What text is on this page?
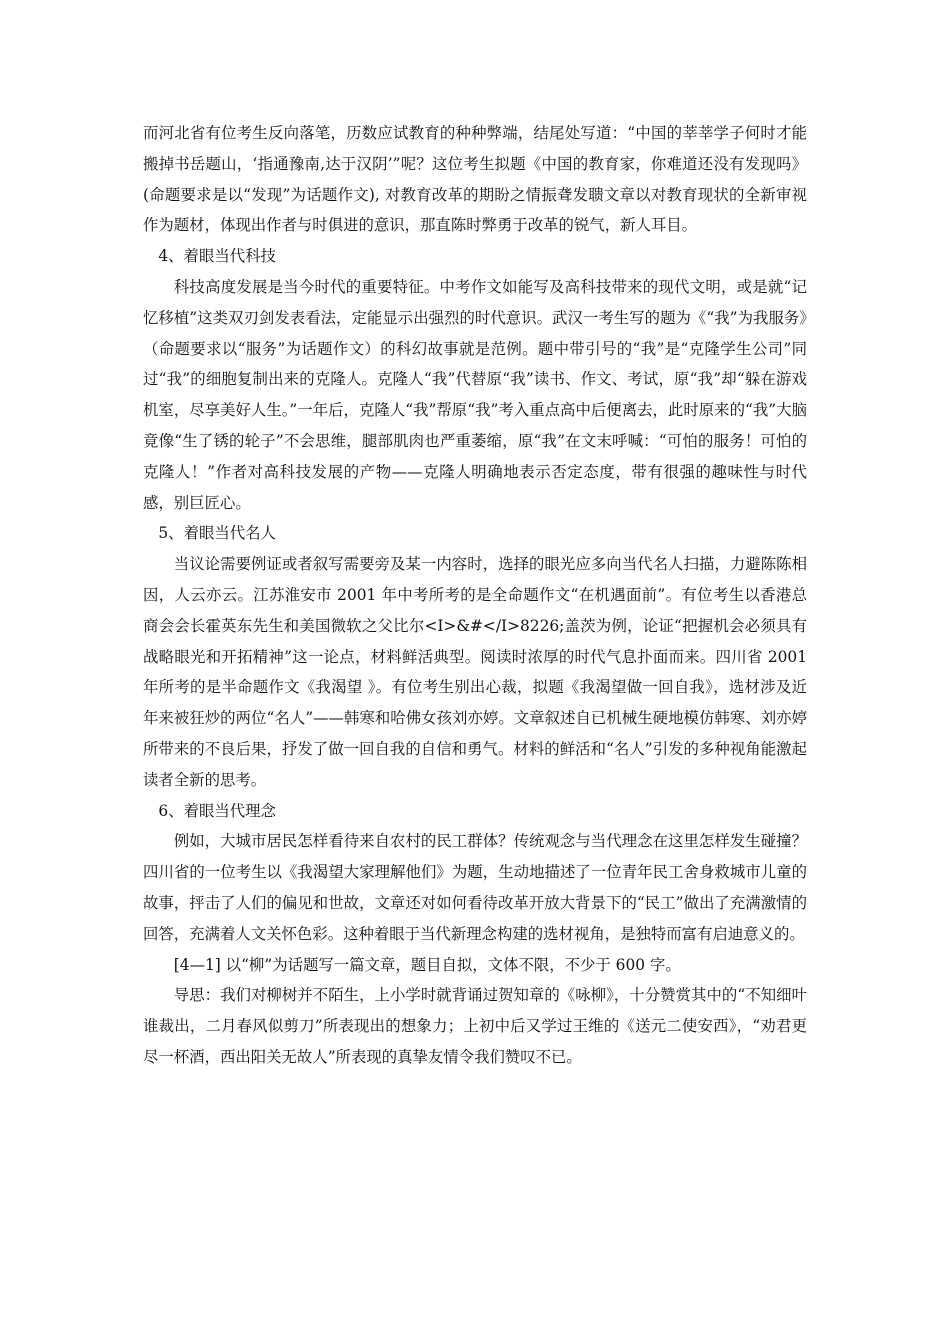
而河北省有位考生反向落笔，历数应试教育的种种弊端，结尾处写道：“中国的莘莘学子何时才能搬掉书岳题山，‘指通豫南,达于汉阴’”呢？这位考生拟题《中国的教育家，你难道还没有发现吗》(命题要求是以“发现”为话题作文), 对教育改革的期盼之情振聋发聩文章以对教育现状的全新审视作为题材，体现出作者与时俱进的意识，那直陈时弊勇于改革的锐气，新人耳目。

4、着眼当代科技

科技高度发展是当今时代的重要特征。中考作文如能写及高科技带来的现代文明，或是就“记忆移植”这类双刃剑发表看法，定能显示出强烈的时代意识。武汉一考生写的题为《“我”为我服务》（命题要求以“服务”为话题作文）的科幻故事就是范例。题中带引号的“我”是“克隆学生公司”同过“我”的细胞复制出来的克隆人。克隆人“我”代替原“我”读书、作文、考试，原“我”却“躲在游戏机室，尽享美好人生。”一年后，克隆人“我”帮原“我”考入重点高中后便离去，此时原来的“我”大脑竟像“生了锈的轮子”不会思维，腿部肌肉也严重萎缩，原“我”在文末呼喊：“可怕的服务！可怕的克隆人！”作者对高科技发展的产物——克隆人明确地表示否定态度，带有很强的趣味性与时代感，别巨匠心。

5、着眼当代名人

当议论需要例证或者叙写需要旁及某一内容时，选择的眼光应多向当代名人扫描，力避陈陈相因，人云亦云。江苏淮安市 2001 年中考所考的是全命题作文“在机遇面前”。有位考生以香港总商会会长霍英东先生和美国微软之父比尔<I>&#</I>8226;盖茨为例，论证“把握机会必须具有战略眼光和开拓精神”这一论点，材料鲜活典型。阅读时浓厚的时代气息扑面而来。四川省 2001 年所考的是半命题作文《我渴望 》。有位考生别出心裁，拟题《我渴望做一回自我》，选材涉及近年来被狂炒的两位“名人”——韩寒和哈佛女孩刘亦婷。文章叙述自已机械生硬地模仿韩寒、刘亦婷所带来的不良后果，抒发了做一回自我的自信和勇气。材料的鲜活和“名人”引发的多种视角能激起读者全新的思考。

6、着眼当代理念

例如，大城市居民怎样看待来自农村的民工群体？传统观念与当代理念在这里怎样发生碰撞？四川省的一位考生以《我渴望大家理解他们》为题，生动地描述了一位青年民工舍身救城市儿童的故事，抨击了人们的偏见和世故，文章还对如何看待改革开放大背景下的“民工”做出了充满激情的回答，充满着人文关怀色彩。这种着眼于当代新理念构建的选材视角，是独特而富有启迪意义的。

[4—1] 以“柳”为话题写一篇文章，题目自拟，文体不限，不少于 600 字。

导思：我们对柳树并不陌生，上小学时就背诵过贺知章的《咏柳》，十分赞赏其中的“不知细叶谁裁出，二月春风似剪刀”所表现出的想象力；上初中后又学过王维的《送元二使安西》，“劝君更尽一杯酒，西出阳关无故人”所表现的真挚友情令我们赞叹不已。
